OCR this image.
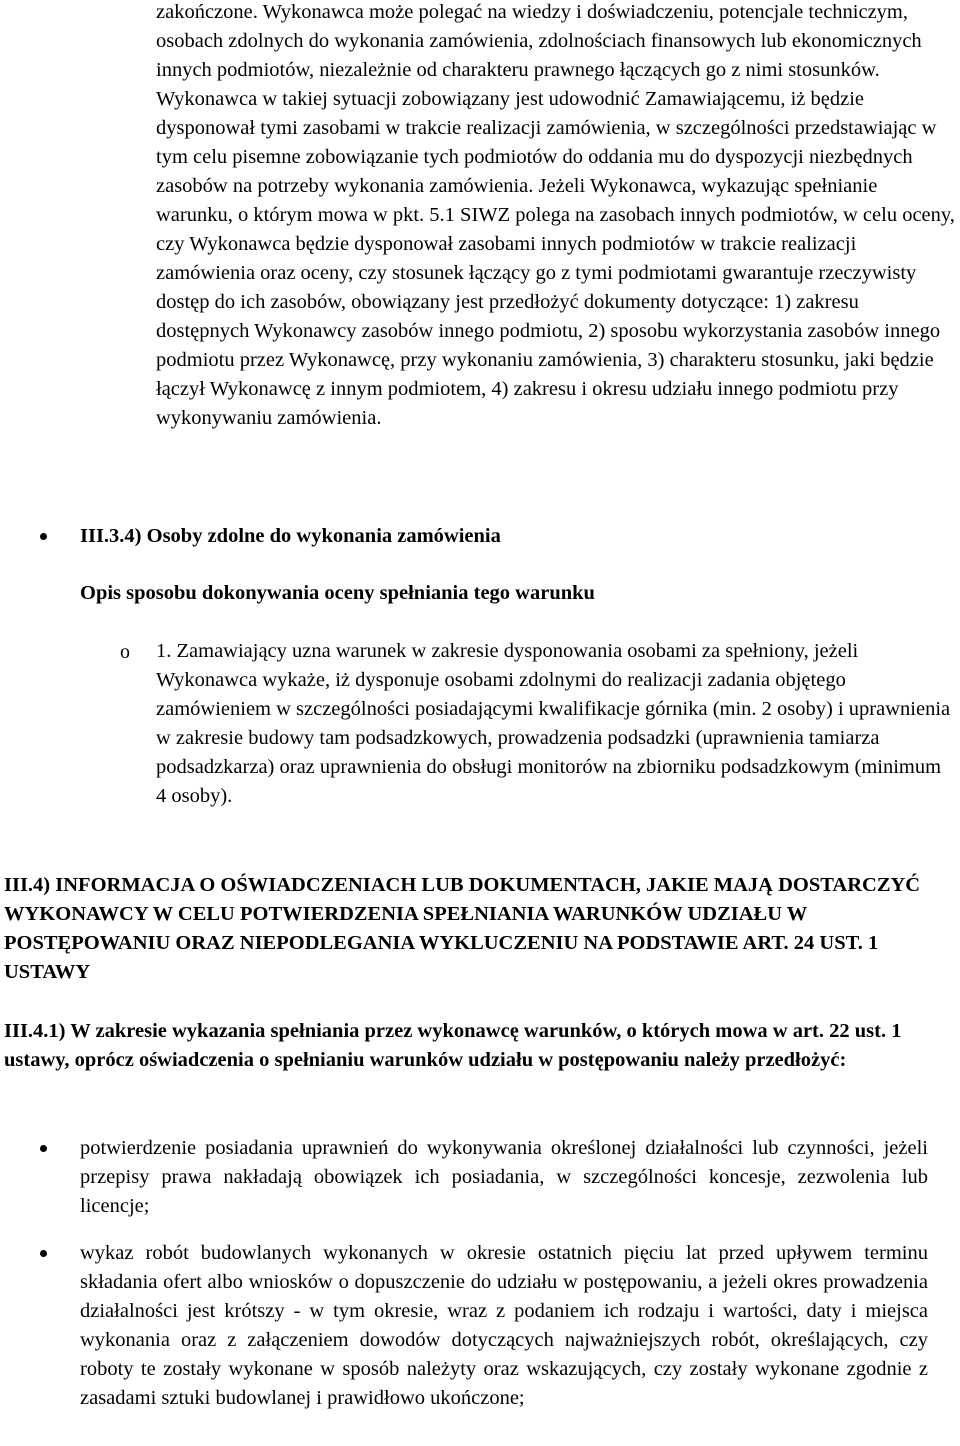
zakończone. Wykonawca może polegać na wiedzy i doświadczeniu, potencjale techniczym, osobach zdolnych do wykonania zamówienia, zdolnościach finansowych lub ekonomicznych innych podmiotów, niezależnie od charakteru prawnego łączących go z nimi stosunków. Wykonawca w takiej sytuacji zobowiązany jest udowodnić Zamawiającemu, iż będzie dysponował tymi zasobami w trakcie realizacji zamówienia, w szczególności przedstawiając w tym celu pisemne zobowiązanie tych podmiotów do oddania mu do dyspozycji niezbędnych zasobów na potrzeby wykonania zamówienia. Jeżeli Wykonawca, wykazując spełnianie warunku, o którym mowa w pkt. 5.1 SIWZ polega na zasobach innych podmiotów, w celu oceny, czy Wykonawca będzie dysponował zasobami innych podmiotów w trakcie realizacji zamówienia oraz oceny, czy stosunek łączący go z tymi podmiotami gwarantuje rzeczywisty dostęp do ich zasobów, obowiązany jest przedłożyć dokumenty dotyczące: 1) zakresu dostępnych Wykonawcy zasobów innego podmiotu, 2) sposobu wykorzystania zasobów innego podmiotu przez Wykonawcę, przy wykonaniu zamówienia, 3) charakteru stosunku, jaki będzie łączył Wykonawcę z innym podmiotem, 4) zakresu i okresu udziału innego podmiotu przy wykonywaniu zamówienia.

III.3.4) Osoby zdolne do wykonania zamówienia

Opis sposobu dokonywania oceny spełniania tego warunku

o 1. Zamawiający uzna warunek w zakresie dysponowania osobami za spełniony, jeżeli Wykonawca wykaże, iż dysponuje osobami zdolnymi do realizacji zadania objętego zamówieniem w szczególności posiadającymi kwalifikacje górnika (min. 2 osoby) i uprawnienia w zakresie budowy tam podsadzkowych, prowadzenia podsadzki (uprawnienia tamiarza podsadzkarza) oraz uprawnienia do obsługi monitorów na zbiorniku podsadzkowym (minimum 4 osoby).

III.4) INFORMACJA O OŚWIADCZENIACH LUB DOKUMENTACH, JAKIE MAJĄ DOSTARCZYĆ WYKONAWCY W CELU POTWIERDZENIA SPEŁNIANIA WARUNKÓW UDZIAŁU W POSTĘPOWANIU ORAZ NIEPODLEGANIA WYKLUCZENIU NA PODSTAWIE ART. 24 UST. 1 USTAWY

III.4.1) W zakresie wykazania spełniania przez wykonawcę warunków, o których mowa w art. 22 ust. 1 ustawy, oprócz oświadczenia o spełnianiu warunków udziału w postępowaniu należy przedłożyć:

potwierdzenie posiadania uprawnień do wykonywania określonej działalności lub czynności, jeżeli przepisy prawa nakładają obowiązek ich posiadania, w szczególności koncesje, zezwolenia lub licencje;

wykaz robót budowlanych wykonanych w okresie ostatnich pięciu lat przed upływem terminu składania ofert albo wniosków o dopuszczenie do udziału w postępowaniu, a jeżeli okres prowadzenia działalności jest krótszy - w tym okresie, wraz z podaniem ich rodzaju i wartości, daty i miejsca wykonania oraz z załączeniem dowodów dotyczących najważniejszych robót, określających, czy roboty te zostały wykonane w sposób należyty oraz wskazujących, czy zostały wykonane zgodnie z zasadami sztuki budowlanej i prawidłowo ukończone;
